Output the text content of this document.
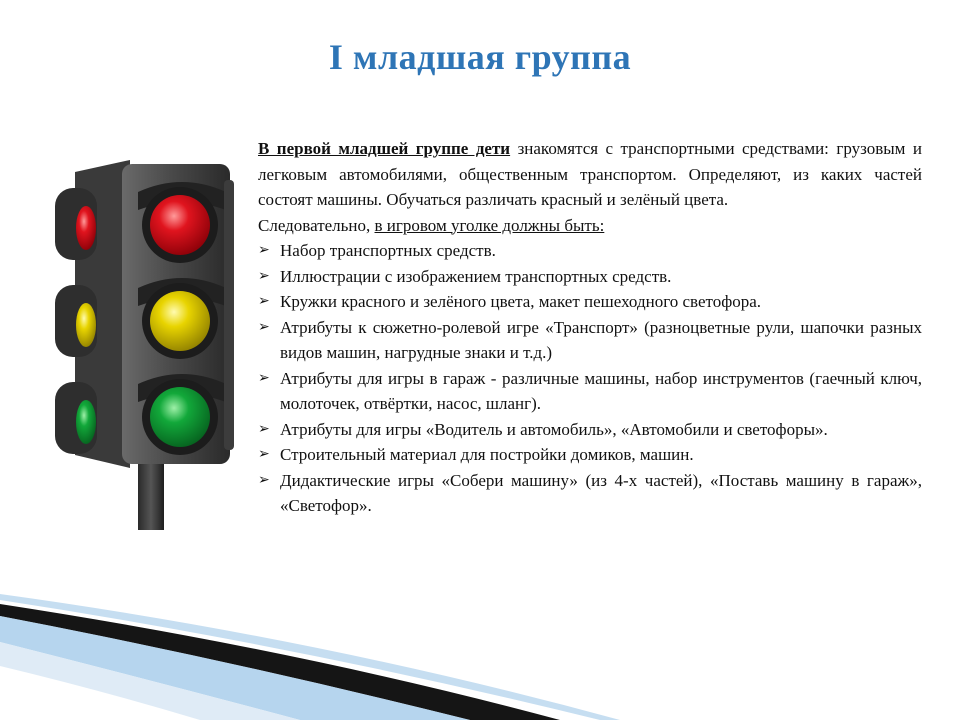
I младшая группа

В первой младшей группе дети знакомятся с транспортными средствами: грузовым и легковым автомобилями, общественным транспортом. Определяют, из каких частей состоят машины. Обучаться различать красный и зелёный цвета.

Следовательно, в игровом уголке должны быть:

➢ Набор транспортных средств.
➢ Иллюстрации с изображением транспортных средств.
➢ Кружки красного и зелёного цвета, макет пешеходного светофора.
➢ Атрибуты к сюжетно-ролевой игре «Транспорт» (разноцветные рули, шапочки разных видов машин, нагрудные знаки и т.д.)
➢ Атрибуты для игры в гараж - различные машины, набор инструментов (гаечный ключ, молоточек, отвёртки, насос, шланг).
➢ Атрибуты для игры «Водитель и автомобиль», «Автомобили и светофоры».
➢ Строительный материал для постройки домиков, машин.
➢ Дидактические игры «Собери машину» (из 4-х частей), «Поставь машину в гараж», «Светофор».
